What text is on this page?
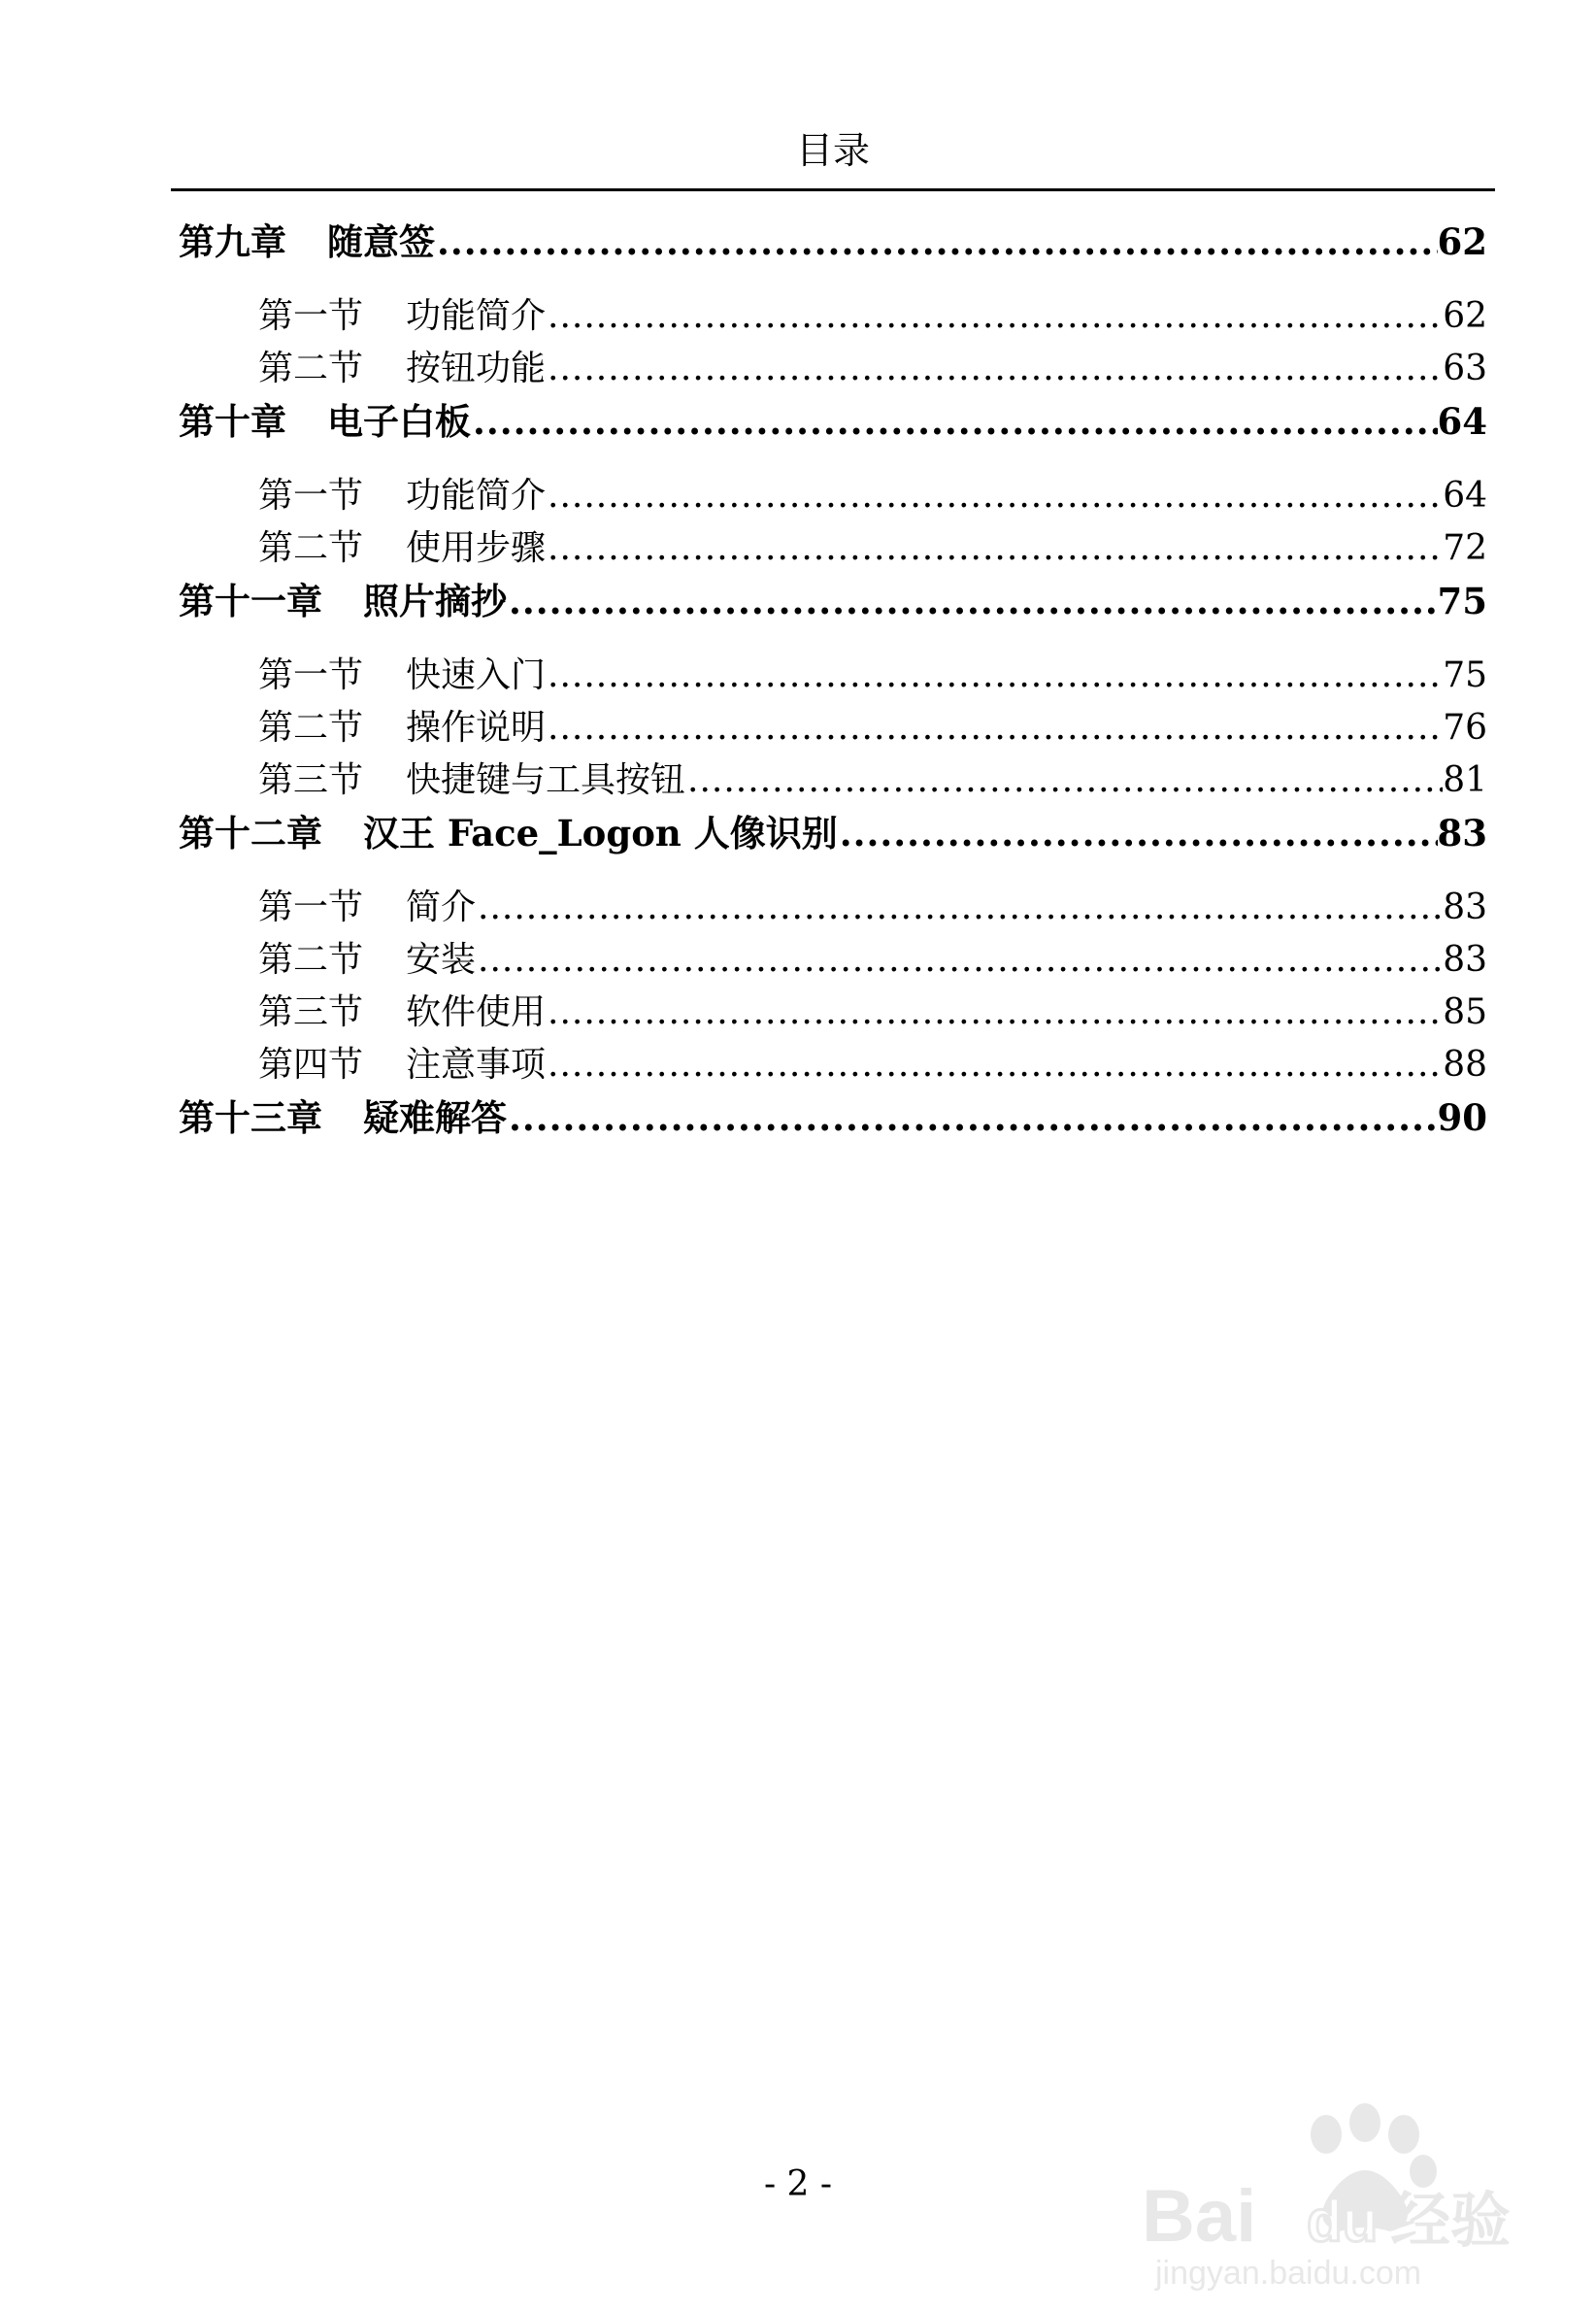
目录
第九章 随意签 .....	62
第一节 功能简介 .....	62
第二节 按钮功能 .....	63
第十章 电子白板 .....	64
第一节 功能简介 .....	64
第二节 使用步骤 .....	72
第十一章 照片摘抄 .....	75
第一节 快速入门 .....	75
第二节 操作说明 .....	76
第三节 快捷键与工具按钮 .....	81
第十二章 汉王 Face_Logon 人像识别 .....	83
第一节 简介 .....	83
第二节 安装 .....	83
第三节 软件使用 .....	85
第四节 注意事项 .....	88
第十三章 疑难解答 .....	90
- 2 -	Bai du 经验
jingyan.baidu.com
